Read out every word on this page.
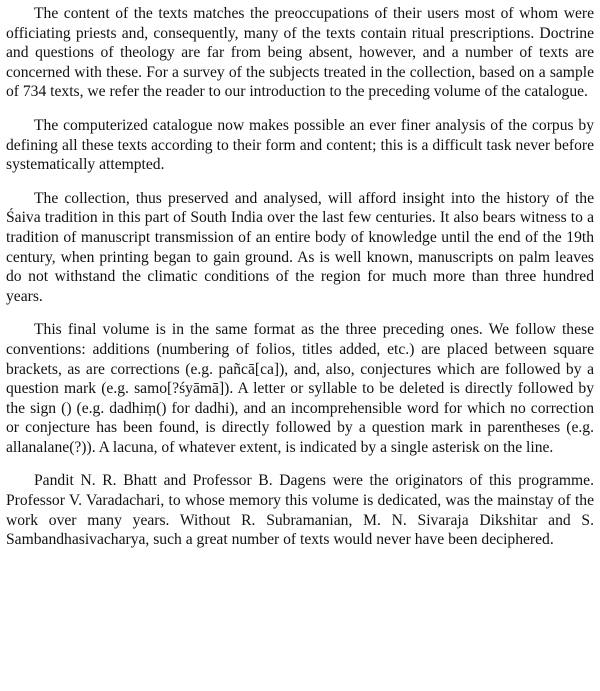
The content of the texts matches the preoccupations of their users most of whom were officiating priests and, consequently, many of the texts contain ritual prescriptions. Doctrine and questions of theology are far from being absent, however, and a number of texts are concerned with these. For a survey of the subjects treated in the collection, based on a sample of 734 texts, we refer the reader to our introduction to the preceding volume of the catalogue.

The computerized catalogue now makes possible an ever finer analysis of the corpus by defining all these texts according to their form and content; this is a difficult task never before systematically attempted.

The collection, thus preserved and analysed, will afford insight into the history of the Śaiva tradition in this part of South India over the last few centuries. It also bears witness to a tradition of manuscript transmission of an entire body of knowledge until the end of the 19th century, when printing began to gain ground. As is well known, manuscripts on palm leaves do not withstand the climatic conditions of the region for much more than three hundred years.

This final volume is in the same format as the three preceding ones. We follow these conventions: additions (numbering of folios, titles added, etc.) are placed between square brackets, as are corrections (e.g. pañcā[ca]), and, also, conjectures which are followed by a question mark (e.g. samo[?śyāmā]). A letter or syllable to be deleted is directly followed by the sign () (e.g. dadhiṃ() for dadhi), and an incomprehensible word for which no correction or conjecture has been found, is directly followed by a question mark in parentheses (e.g. allanalane(?)). A lacuna, of whatever extent, is indicated by a single asterisk on the line.

Pandit N. R. Bhatt and Professor B. Dagens were the originators of this programme. Professor V. Varadachari, to whose memory this volume is dedicated, was the mainstay of the work over many years. Without R. Subramanian, M. N. Sivaraja Dikshitar and S. Sambandhasivacharya, such a great number of texts would never have been deciphered.
